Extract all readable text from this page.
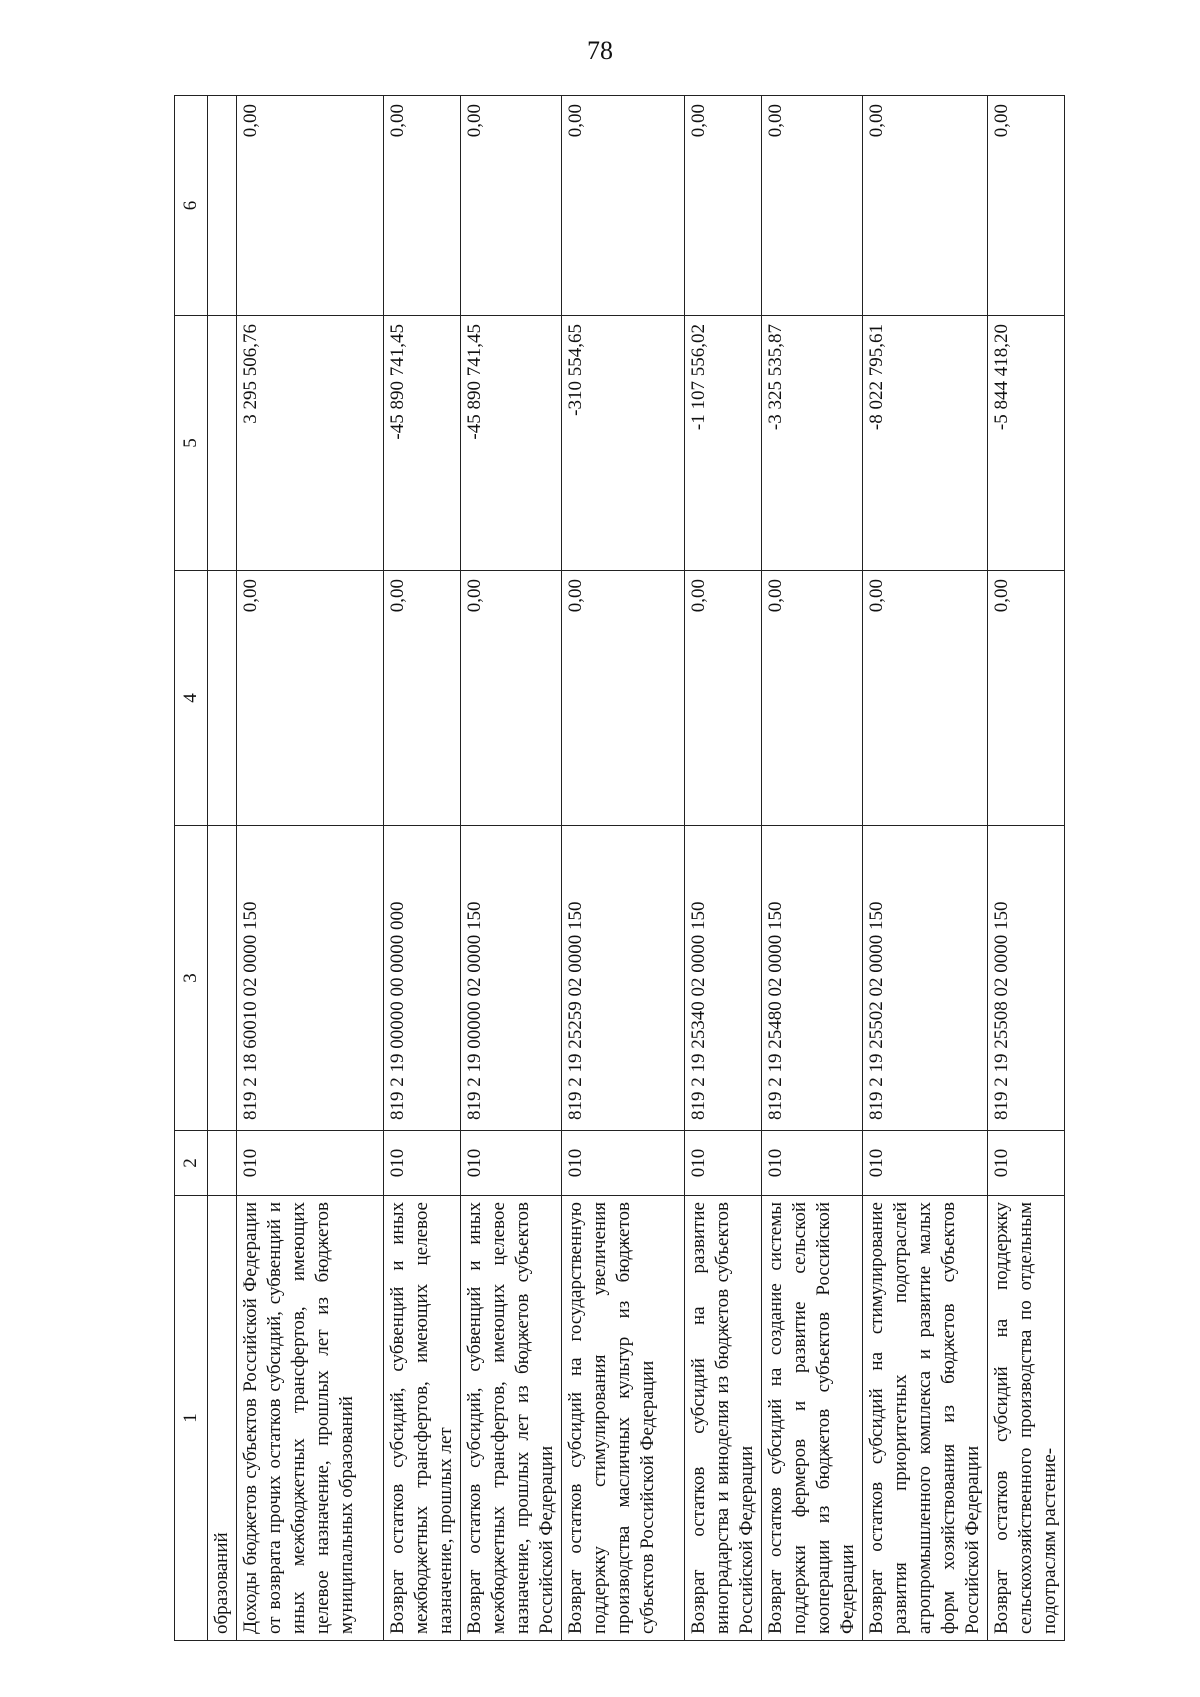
78
1	2	3	4	5	6
образований					
Доходы бюджетов субъектов Российской Федерации от возврата прочих остатков субсидий, субвенций и иных межбюджетных трансфертов, имеющих целевое назначение, прошлых лет из бюджетов муниципальных образований	010	819 2 18 60010 02 0000 150	0,00	3 295 506,76	0,00
Возврат остатков субсидий, субвенций и иных межбюджетных трансфертов, имеющих целевое назначение, прошлых лет	010	819 2 19 00000 00 0000 000	0,00	-45 890 741,45	0,00
Возврат остатков субсидий, субвенций и иных межбюджетных трансфертов, имеющих целевое назначение, прошлых лет из бюджетов субъектов Российской Федерации	010	819 2 19 00000 02 0000 150	0,00	-45 890 741,45	0,00
Возврат остатков субсидий на государственную поддержку стимулирования увеличения производства масличных культур из бюджетов субъектов Российской Федерации	010	819 2 19 25259 02 0000 150	0,00	-310 554,65	0,00
Возврат остатков субсидий на развитие виноградарства и виноделия из бюджетов субъектов Российской Федерации	010	819 2 19 25340 02 0000 150	0,00	-1 107 556,02	0,00
Возврат остатков субсидий на создание системы поддержки фермеров и развитие сельской кооперации из бюджетов субъектов Российской Федерации	010	819 2 19 25480 02 0000 150	0,00	-3 325 535,87	0,00
Возврат остатков субсидий на стимулирование развития приоритетных подотраслей агропромышленного комплекса и развитие малых форм хозяйствования из бюджетов субъектов Российской Федерации	010	819 2 19 25502 02 0000 150	0,00	-8 022 795,61	0,00
Возврат остатков субсидий на поддержку сельскохозяйственного производства по отдельным подотраслям растение-	010	819 2 19 25508 02 0000 150	0,00	-5 844 418,20	0,00
